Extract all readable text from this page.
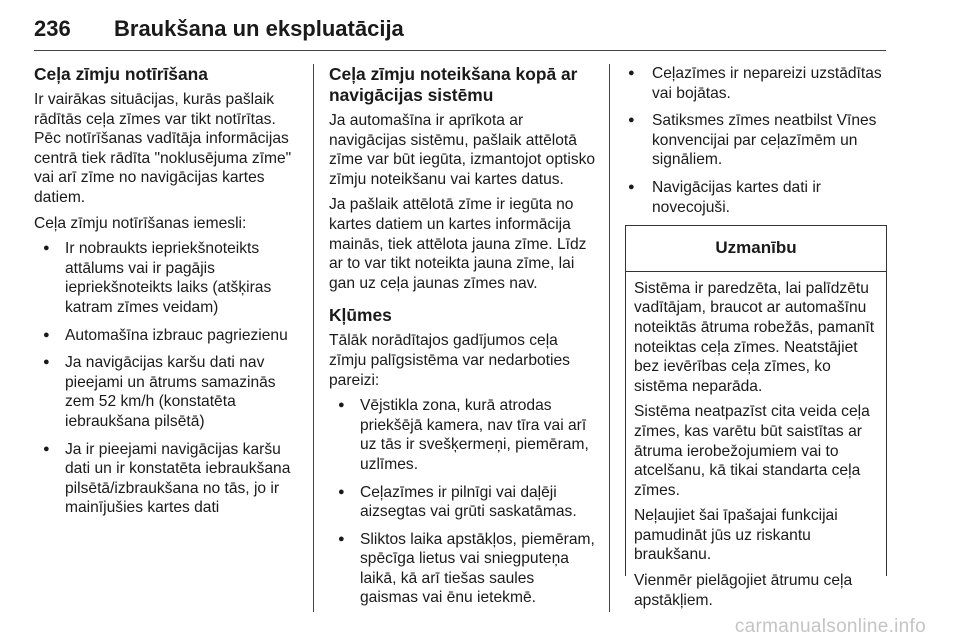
236 Braukšana un ekspluatācija
Ceļa zīmju notīrīšana

Ir vairākas situācijas, kurās pašlaik rādītās ceļa zīmes var tikt notīrītas. Pēc notīrīšanas vadītāja informācijas centrā tiek rādīta "noklusējuma zīme" vai arī zīme no navigācijas kartes datiem.

Ceļa zīmju notīrīšanas iemesli:

● Ir nobraukts iepriekšnoteikts attālums vai ir pagājis iepriekšnoteikts laiks (atšķiras katram zīmes veidam)
● Automašīna izbrauc pagriezienu
● Ja navigācijas karšu dati nav pieejami un ātrums samazinās zem 52 km/h (konstatēta iebraukšana pilsētā)
● Ja ir pieejami navigācijas karšu dati un ir konstatēta iebraukšana pilsētā/izbraukšana no tās, jo ir mainījušies kartes dati
Ceļa zīmju noteikšana kopā ar navigācijas sistēmu

Ja automašīna ir aprīkota ar navigācijas sistēmu, pašlaik attēlotā zīme var būt iegūta, izmantojot optisko zīmju noteikšanu vai kartes datus.

Ja pašlaik attēlotā zīme ir iegūta no kartes datiem un kartes informācija mainās, tiek attēlota jauna zīme. Līdz ar to var tikt noteikta jauna zīme, lai gan uz ceļa jaunas zīmes nav.

Kļūmes

Tālāk norādītajos gadījumos ceļa zīmju palīgsistēma var nedarboties pareizi:

● Vējstikla zona, kurā atrodas priekšējā kamera, nav tīra vai arī uz tās ir svešķermeņi, piemēram, uzlīmes.
● Ceļazīmes ir pilnīgi vai daļēji aizsegtas vai grūti saskatāmas.
● Sliktos laika apstākļos, piemēram, spēcīga lietus vai sniegputeņa laikā, kā arī tiešas saules gaismas vai ēnu ietekmē.
● Ceļazīmes ir nepareizi uzstādītas vai bojātas.
● Satiksmes zīmes neatbilst Vīnes konvencijai par ceļazīmēm un signāliem.
● Navigācijas kartes dati ir novecojuši.
Uzmanību

Sistēma ir paredzēta, lai palīdzētu vadītājam, braucot ar automašīnu noteiktās ātruma robežās, pamanīt noteiktas ceļa zīmes. Neatstājiet bez ievērības ceļa zīmes, ko sistēma neparāda.

Sistēma neatpazīst cita veida ceļa zīmes, kas varētu būt saistītas ar ātruma ierobežojumiem vai to atcelšanu, kā tikai standarta ceļa zīmes.

Neļaujiet šai īpašajai funkcijai pamudināt jūs uz riskantu braukšanu.

Vienmēr pielāgojiet ātrumu ceļa apstākļiem.

carmanualsonline.info
